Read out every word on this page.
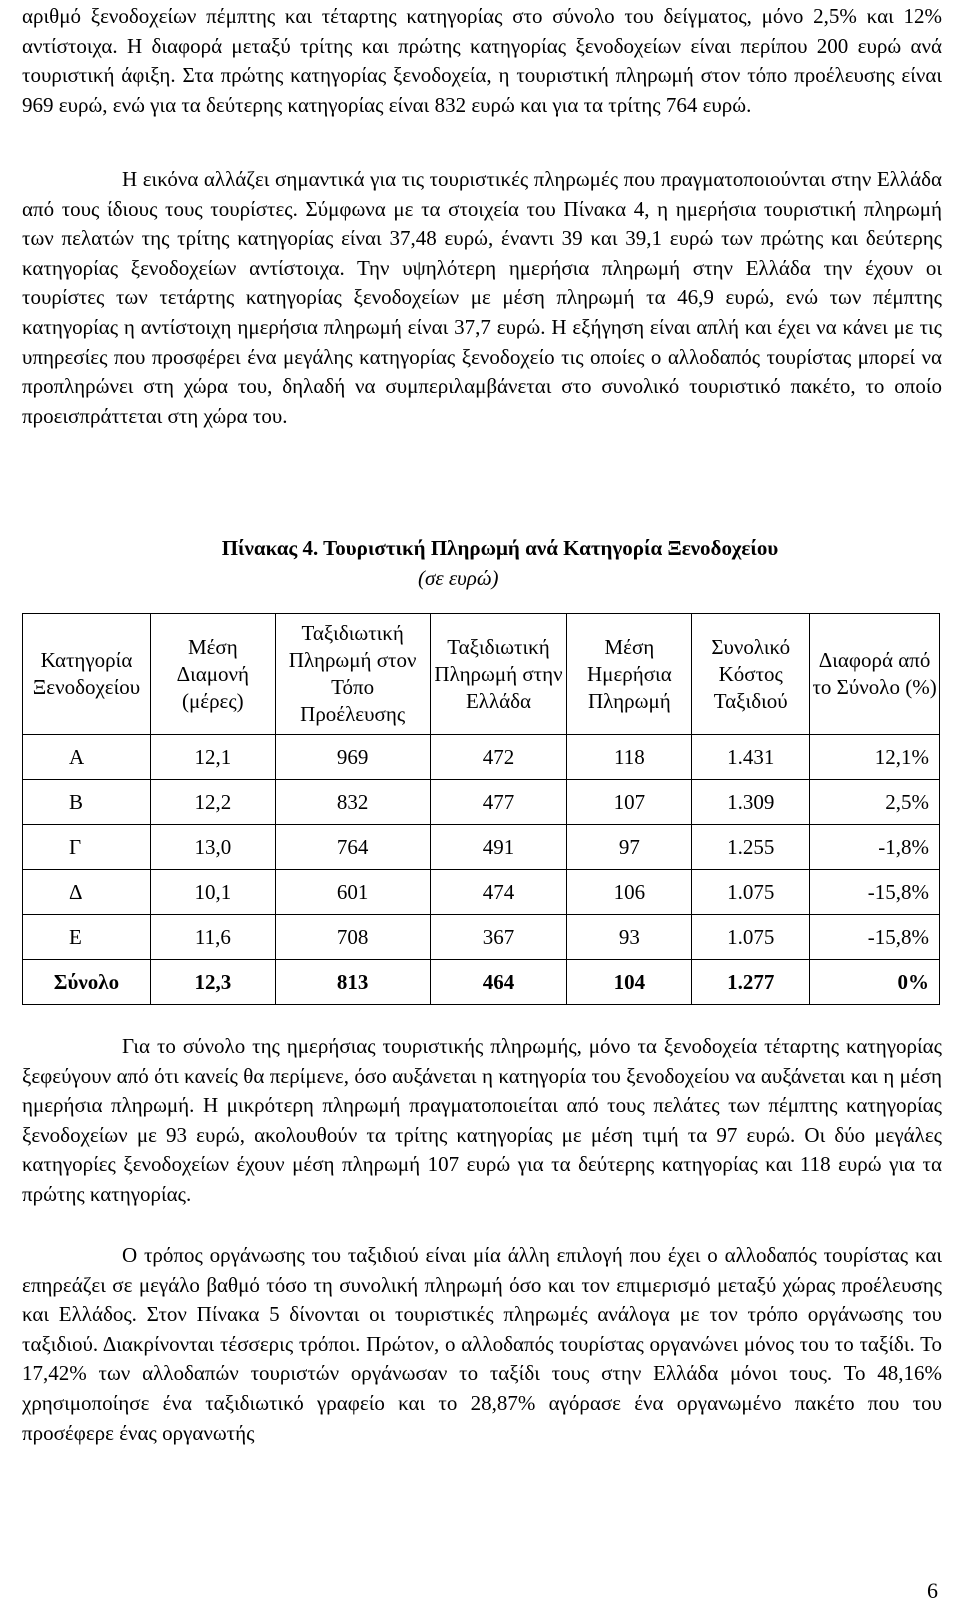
αριθμό ξενοδοχείων πέμπτης και τέταρτης κατηγορίας στο σύνολο του δείγματος, μόνο 2,5% και 12% αντίστοιχα. Η διαφορά μεταξύ τρίτης και πρώτης κατηγορίας ξενοδοχείων είναι περίπου 200 ευρώ ανά τουριστική άφιξη. Στα πρώτης κατηγορίας ξενοδοχεία, η τουριστική πληρωμή στον τόπο προέλευσης είναι 969 ευρώ, ενώ για τα δεύτερης κατηγορίας είναι 832 ευρώ και για τα τρίτης 764 ευρώ.

Η εικόνα αλλάζει σημαντικά για τις τουριστικές πληρωμές που πραγματοποιούνται στην Ελλάδα από τους ίδιους τους τουρίστες. Σύμφωνα με τα στοιχεία του Πίνακα 4, η ημερήσια τουριστική πληρωμή των πελατών της τρίτης κατηγορίας είναι 37,48 ευρώ, έναντι 39 και 39,1 ευρώ των πρώτης και δεύτερης κατηγορίας ξενοδοχείων αντίστοιχα. Την υψηλότερη ημερήσια πληρωμή στην Ελλάδα την έχουν οι τουρίστες των τετάρτης κατηγορίας ξενοδοχείων με μέση πληρωμή τα 46,9 ευρώ, ενώ των πέμπτης κατηγορίας η αντίστοιχη ημερήσια πληρωμή είναι 37,7 ευρώ. Η εξήγηση είναι απλή και έχει να κάνει με τις υπηρεσίες που προσφέρει ένα μεγάλης κατηγορίας ξενοδοχείο τις οποίες ο αλλοδαπός τουρίστας μπορεί να προπληρώνει στη χώρα του, δηλαδή να συμπεριλαμβάνεται στο συνολικό τουριστικό πακέτο, το οποίο προεισπράττεται στη χώρα του.

Πίνακας 4. Τουριστική Πληρωμή ανά Κατηγορία Ξενοδοχείου
(σε ευρώ)
Κατηγορία Ξενοδοχείου	Μέση Διαμονή (μέρες)	Ταξιδιωτική Πληρωμή στον Τόπο Προέλευσης	Ταξιδιωτική Πληρωμή στην Ελλάδα	Μέση Ημερήσια Πληρωμή	Συνολικό Κόστος Ταξιδιού	Διαφορά από το Σύνολο (%)
Α	12,1	969	472	118	1.431	12,1%
Β	12,2	832	477	107	1.309	2,5%
Γ	13,0	764	491	97	1.255	-1,8%
Δ	10,1	601	474	106	1.075	-15,8%
Ε	11,6	708	367	93	1.075	-15,8%
Σύνολο	12,3	813	464	104	1.277	0%

Για το σύνολο της ημερήσιας τουριστικής πληρωμής, μόνο τα ξενοδοχεία τέταρτης κατηγορίας ξεφεύγουν από ότι κανείς θα περίμενε, όσο αυξάνεται η κατηγορία του ξενοδοχείου να αυξάνεται και η μέση ημερήσια πληρωμή. Η μικρότερη πληρωμή πραγματοποιείται από τους πελάτες των πέμπτης κατηγορίας ξενοδοχείων με 93 ευρώ, ακολουθούν τα τρίτης κατηγορίας με μέση τιμή τα 97 ευρώ. Οι δύο μεγάλες κατηγορίες ξενοδοχείων έχουν μέση πληρωμή 107 ευρώ για τα δεύτερης κατηγορίας και 118 ευρώ για τα πρώτης κατηγορίας.

Ο τρόπος οργάνωσης του ταξιδιού είναι μία άλλη επιλογή που έχει ο αλλοδαπός τουρίστας και επηρεάζει σε μεγάλο βαθμό τόσο τη συνολική πληρωμή όσο και τον επιμερισμό μεταξύ χώρας προέλευσης και Ελλάδος. Στον Πίνακα 5 δίνονται οι τουριστικές πληρωμές ανάλογα με τον τρόπο οργάνωσης του ταξιδιού. Διακρίνονται τέσσερις τρόποι. Πρώτον, ο αλλοδαπός τουρίστας οργανώνει μόνος του το ταξίδι. Το 17,42% των αλλοδαπών τουριστών οργάνωσαν το ταξίδι τους στην Ελλάδα μόνοι τους. Το 48,16% χρησιμοποίησε ένα ταξιδιωτικό γραφείο και το 28,87% αγόρασε ένα οργανωμένο πακέτο που του προσέφερε ένας οργανωτής

6
